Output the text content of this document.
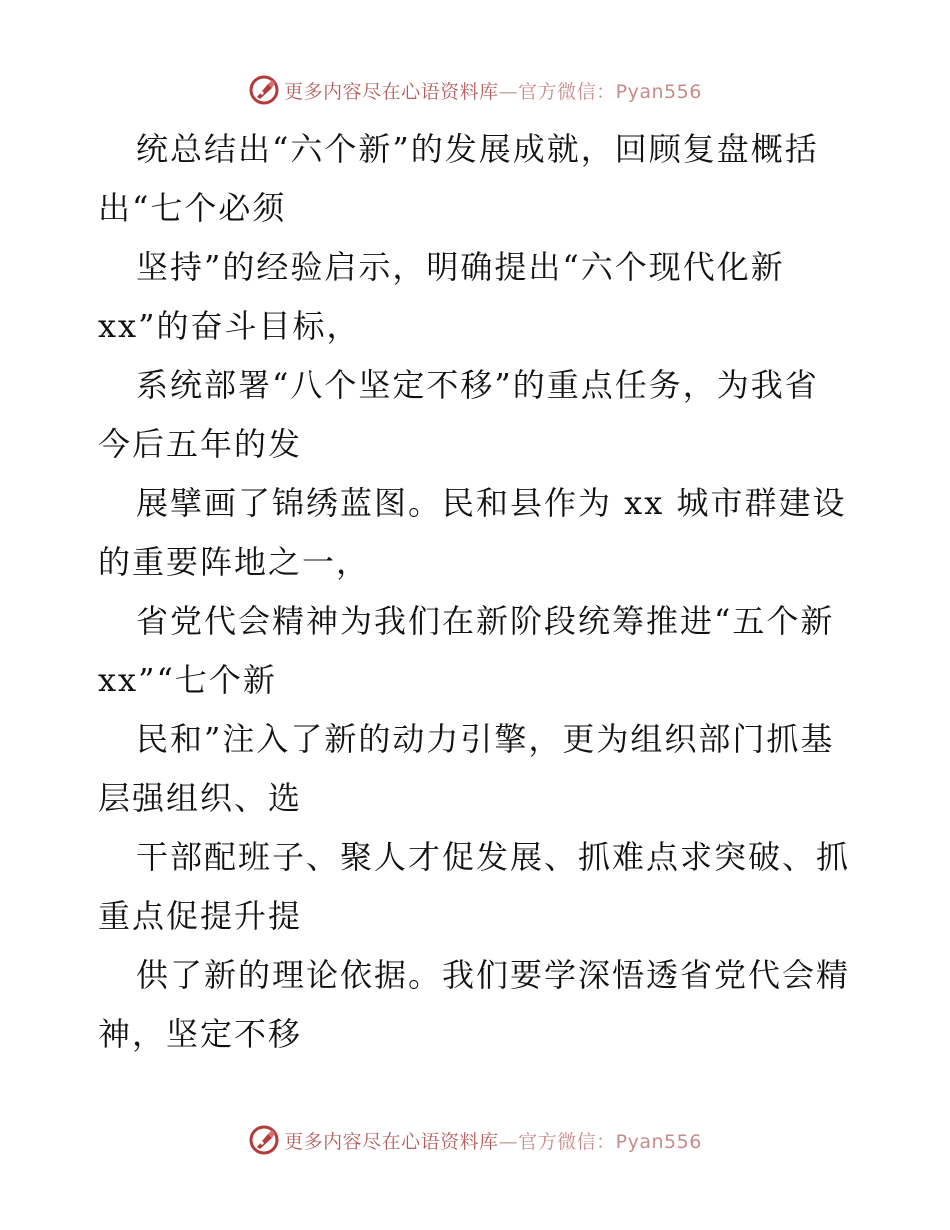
更多内容尽在心语资料库—官方微信：Pyan556

统总结出“六个新”的发展成就，回顾复盘概括
出“七个必须

坚持”的经验启示，明确提出“六个现代化新
xx”的奋斗目标，

系统部署“八个坚定不移”的重点任务，为我省
今后五年的发

展擘画了锦绣蓝图。民和县作为 xx 城市群建设
的重要阵地之一，

省党代会精神为我们在新阶段统筹推进“五个新
xx”“七个新

民和”注入了新的动力引擎，更为组织部门抓基
层强组织、选

干部配班子、聚人才促发展、抓难点求突破、抓
重点促提升提

供了新的理论依据。我们要学深悟透省党代会精
神，坚定不移

更多内容尽在心语资料库—官方微信：Pyan556
